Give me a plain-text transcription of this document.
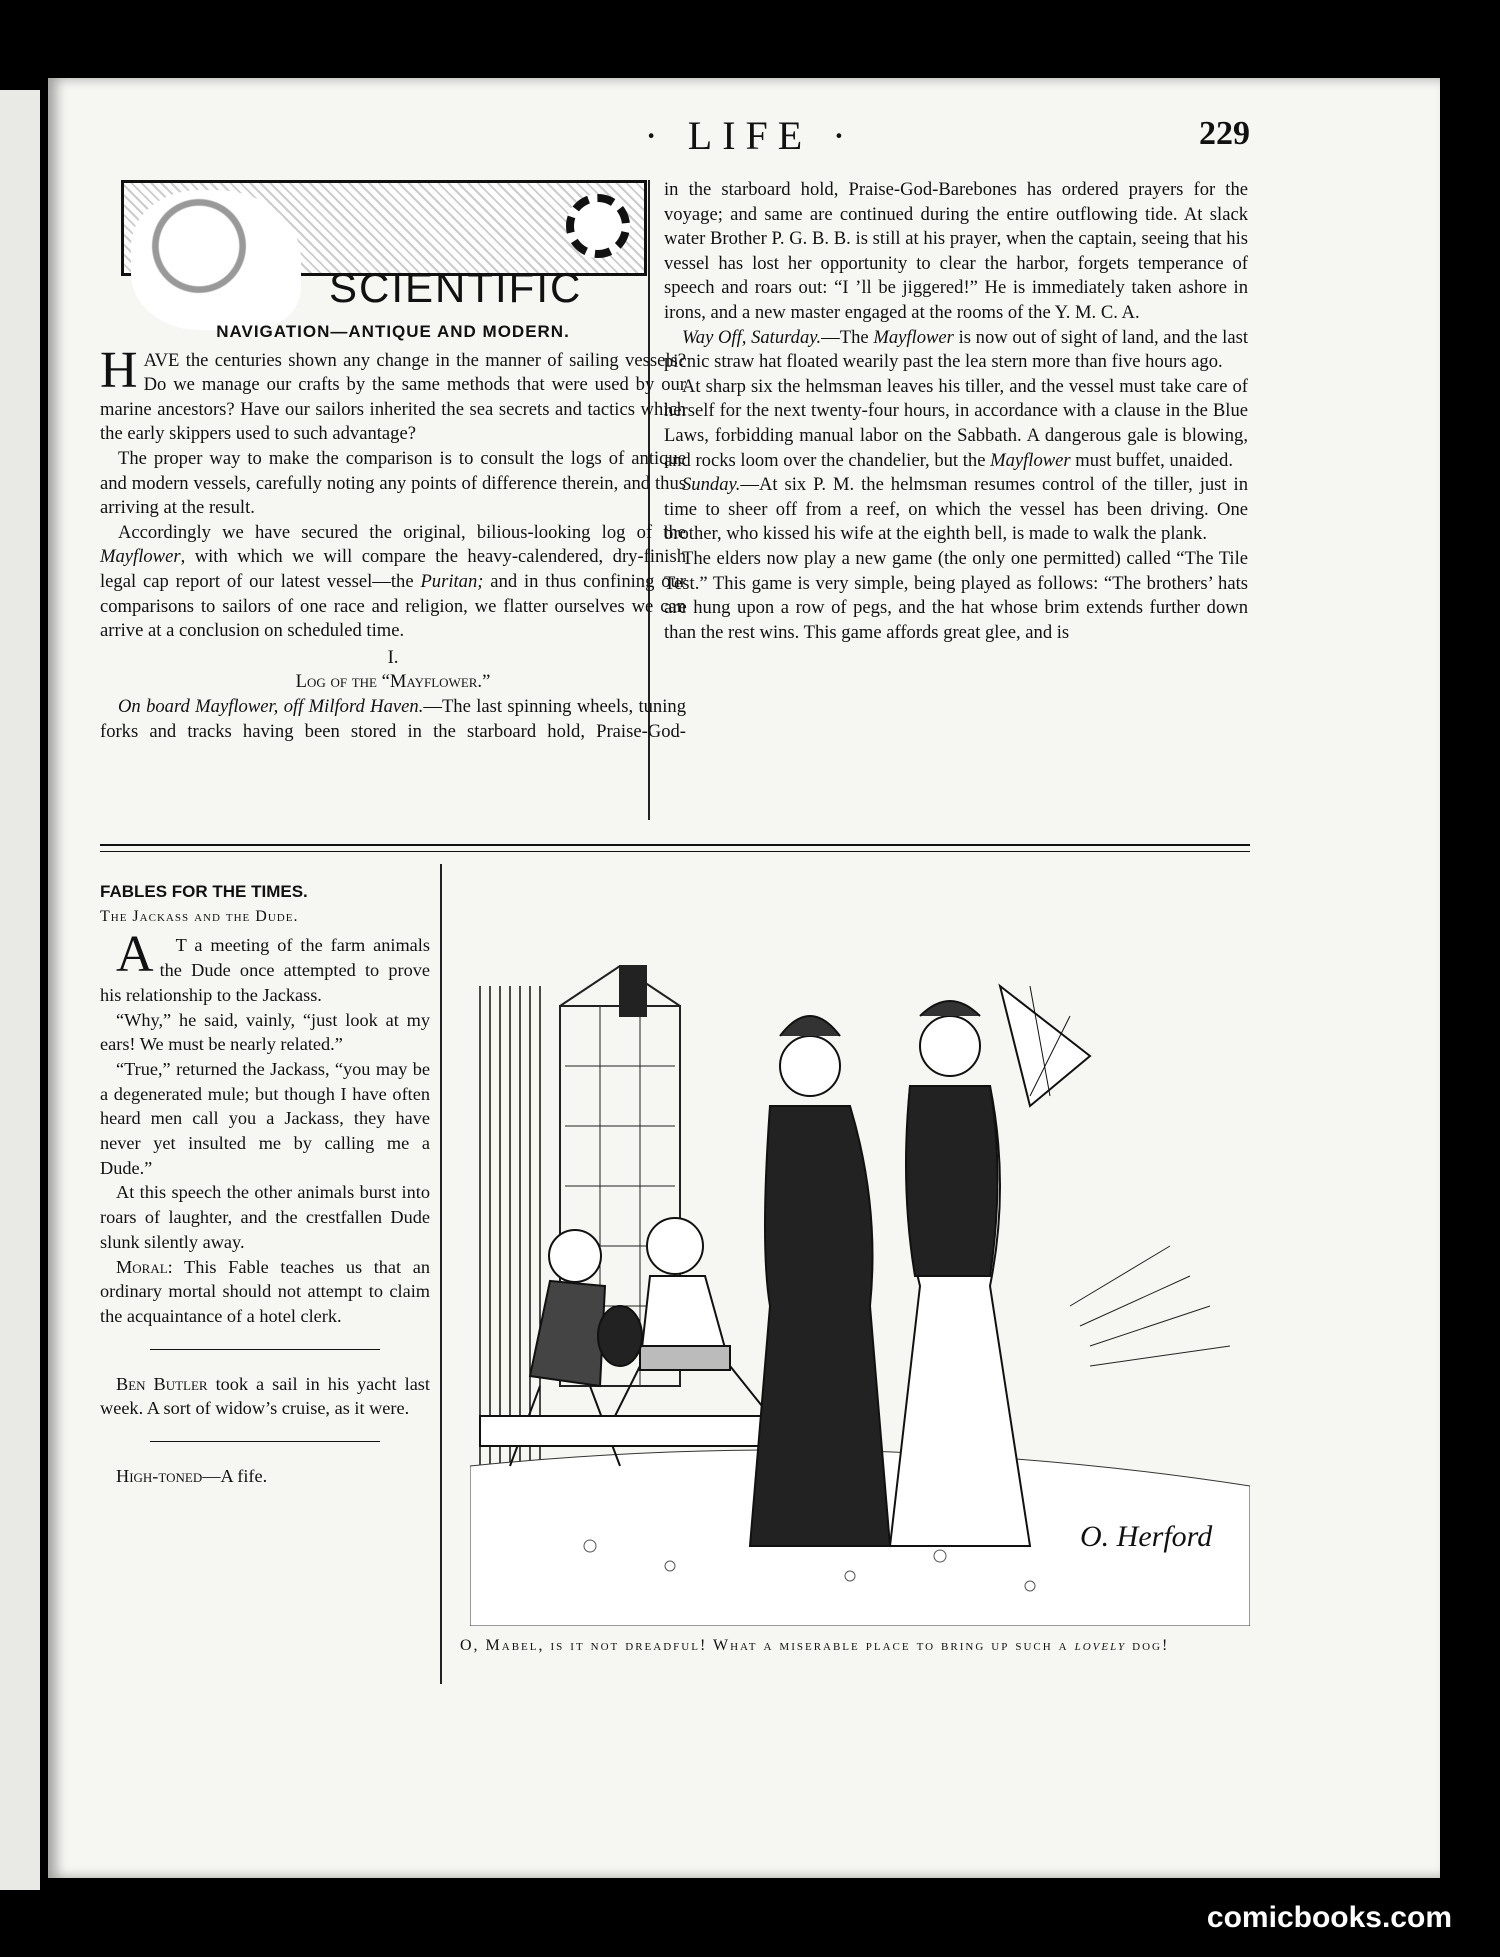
· LIFE ·	229
SCIENTIFIC
NAVIGATION—ANTIQUE AND MODERN.

HAVE the centuries shown any change in the manner of sailing vessels? Do we manage our crafts by the same methods that were used by our marine ancestors? Have our sailors inherited the sea secrets and tactics which the early skippers used to such advantage?

The proper way to make the comparison is to consult the logs of antique and modern vessels, carefully noting any points of difference therein, and thus arriving at the result.

Accordingly we have secured the original, bilious-looking log of the Mayflower, with which we will compare the heavy-calendered, dry-finish legal cap report of our latest vessel—the Puritan; and in thus confining our comparisons to sailors of one race and religion, we flatter ourselves we can arrive at a conclusion on scheduled time.

I.
Log of the “Mayflower.”

On board Mayflower, off Milford Haven.—The last spinning wheels, tuning forks and tracks having been stored in the starboard hold, Praise-God-

in the starboard hold, Praise-God-Barebones has ordered prayers for the voyage; and same are continued during the entire outflowing tide. At slack water Brother P. G. B. B. is still at his prayer, when the captain, seeing that his vessel has lost her opportunity to clear the harbor, forgets temperance of speech and roars out: “I ’ll be jiggered!” He is immediately taken ashore in irons, and a new master engaged at the rooms of the Y. M. C. A.

Way Off, Saturday.—The Mayflower is now out of sight of land, and the last picnic straw hat floated wearily past the lea stern more than five hours ago.

At sharp six the helmsman leaves his tiller, and the vessel must take care of herself for the next twenty-four hours, in accordance with a clause in the Blue Laws, forbidding manual labor on the Sabbath. A dangerous gale is blowing, and rocks loom over the chandelier, but the Mayflower must buffet, unaided.

Sunday.—At six P. M. the helmsman resumes control of the tiller, just in time to sheer off from a reef, on which the vessel has been driving. One brother, who kissed his wife at the eighth bell, is made to walk the plank.

The elders now play a new game (the only one permitted) called “The Tile Test.” This game is very simple, being played as follows: “The brothers’ hats are hung upon a row of pegs, and the hat whose brim extends further down than the rest wins. This game affords great glee, and is

FABLES FOR THE TIMES.

The Jackass and the Dude.

A T a meeting of the farm animals the Dude once attempted to prove his relationship to the Jackass.

“Why,” he said, vainly, “just look at my ears! We must be nearly related.”

“True,” returned the Jackass, “you may be a degenerated mule; but though I have often heard men call you a Jackass, they have never yet insulted me by calling me a Dude.”

At this speech the other animals burst into roars of laughter, and the crestfallen Dude slunk silently away.

Moral: This Fable teaches us that an ordinary mortal should not attempt to claim the acquaintance of a hotel clerk.

Ben Butler took a sail in his yacht last week. A sort of widow’s cruise, as it were.

High-toned—A fife.

O. Herford
O, Mabel, is it not dreadful! What a miserable place to bring up such a lovely dog!
comicbooks.com
